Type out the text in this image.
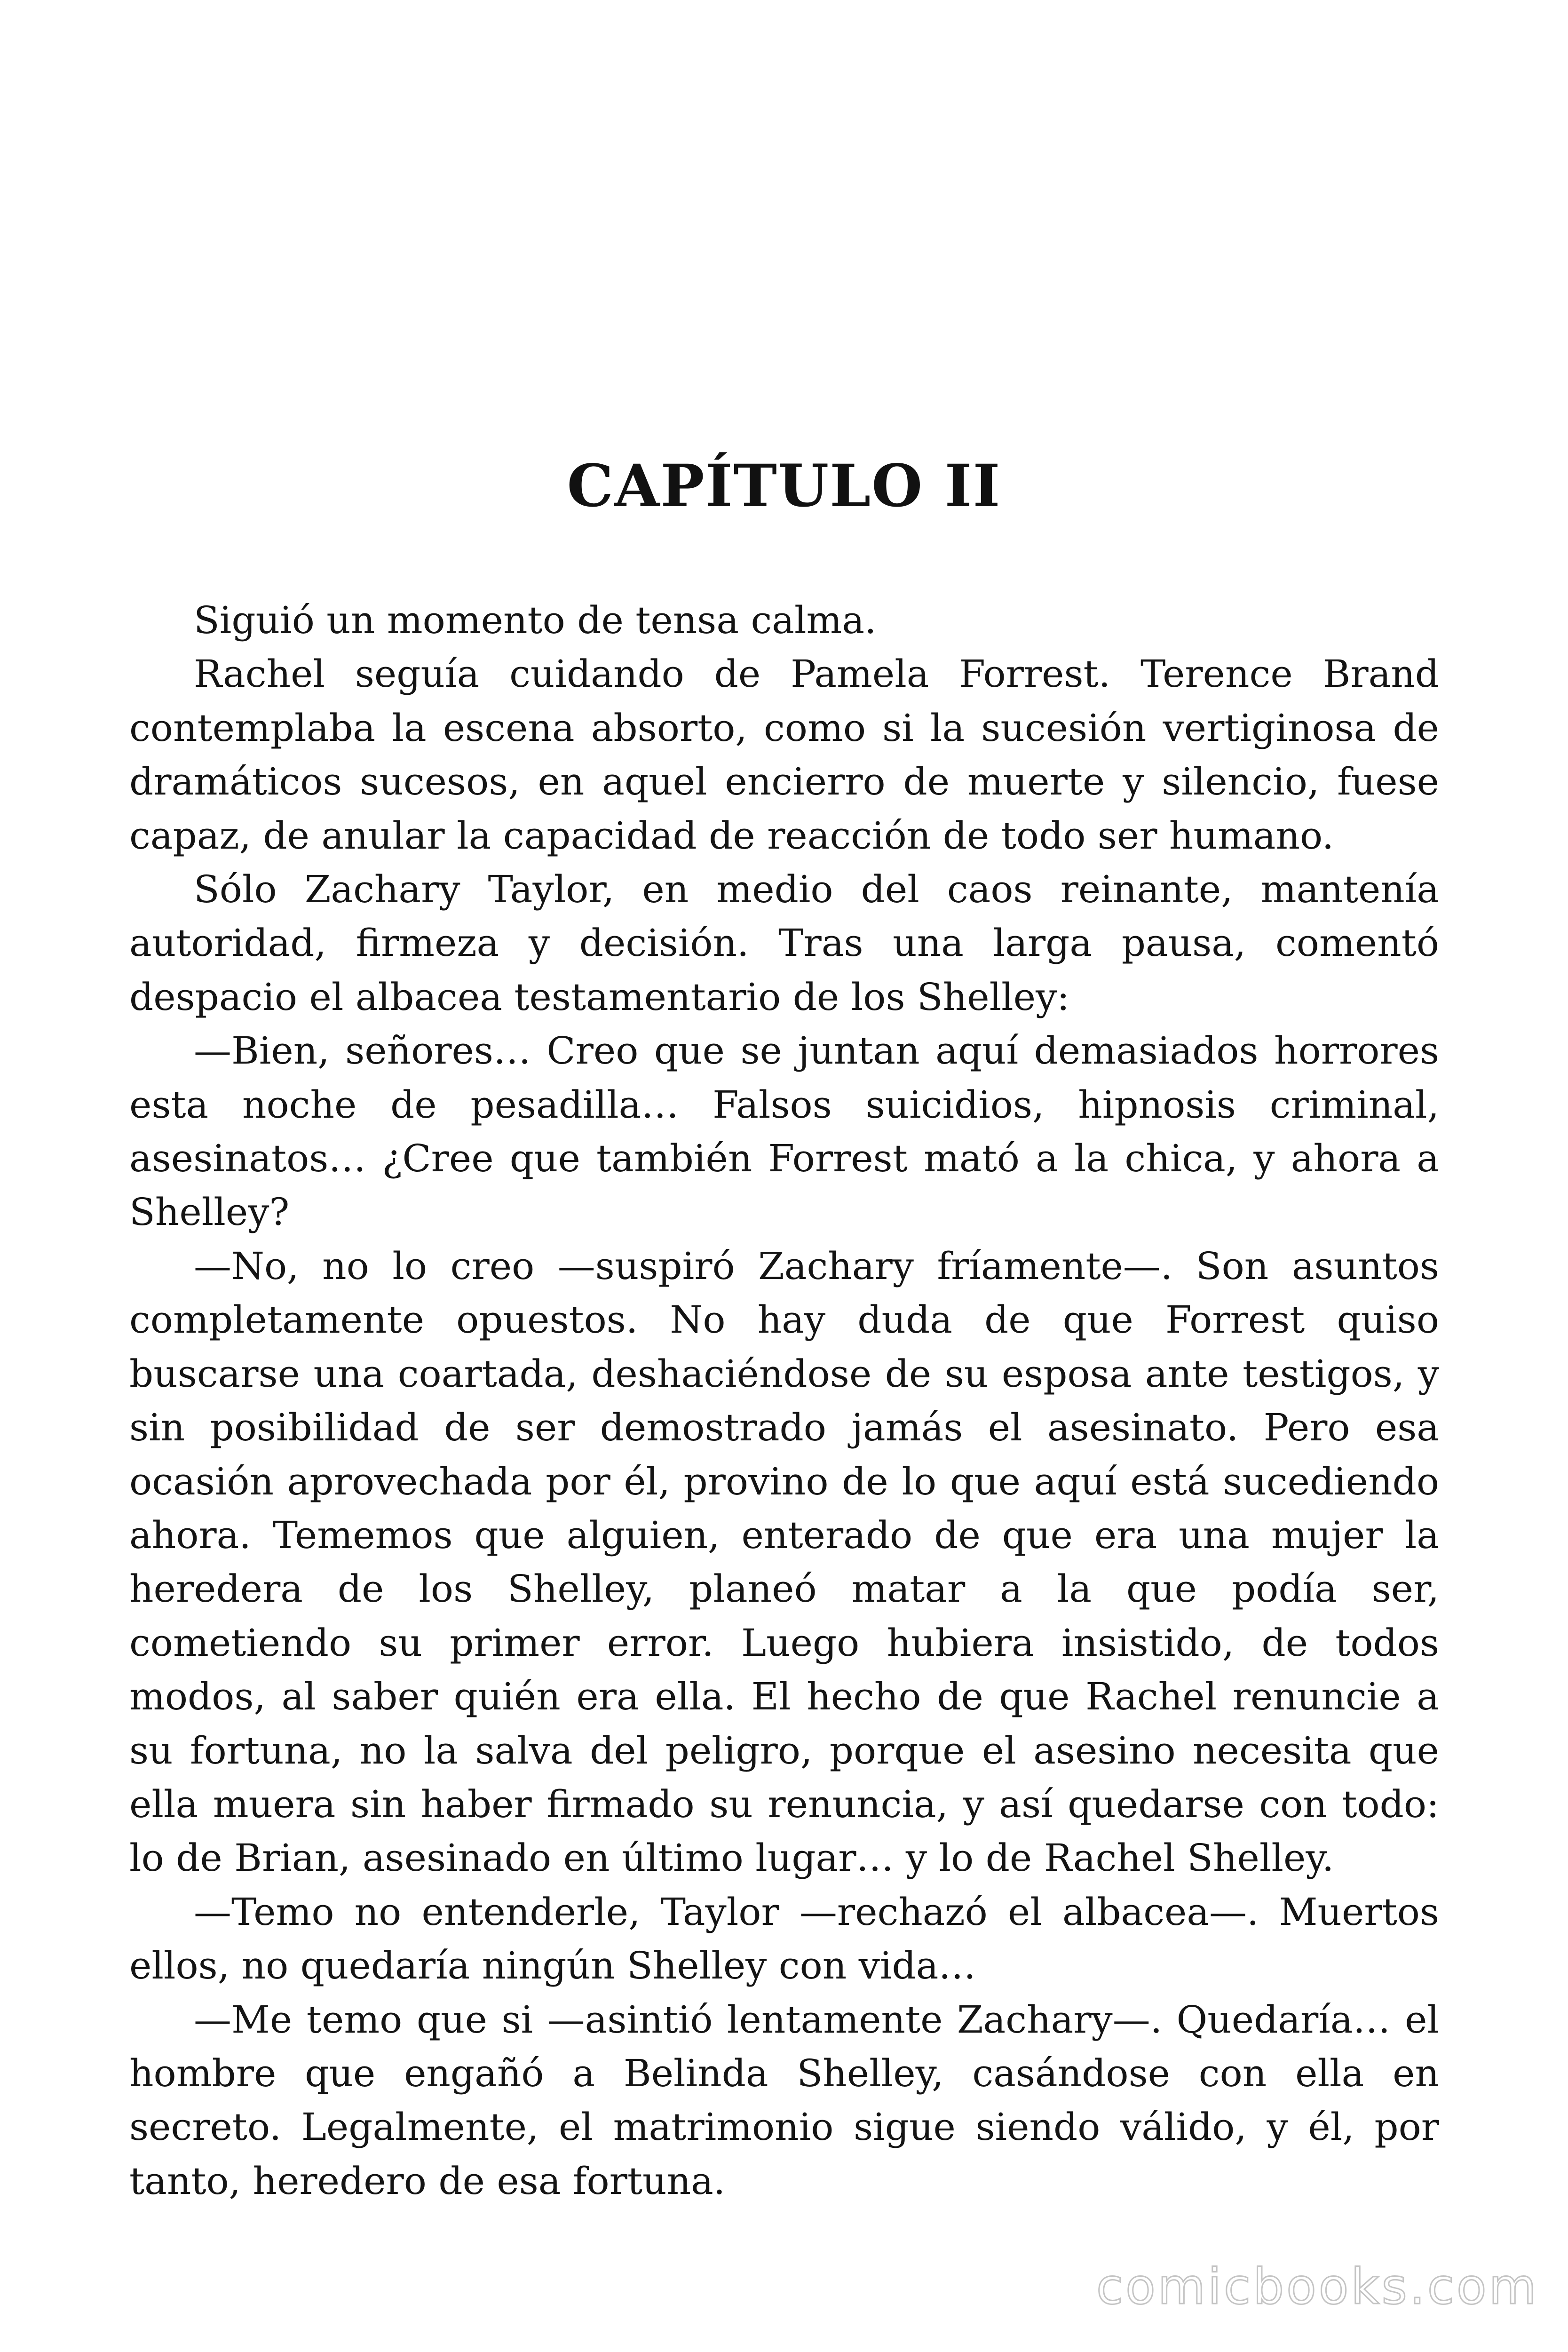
CAPÍTULO II

Siguió un momento de tensa calma.

Rachel seguía cuidando de Pamela Forrest. Terence Brand contemplaba la escena absorto, como si la sucesión vertiginosa de dramáticos sucesos, en aquel encierro de muerte y silencio, fuese capaz, de anular la capacidad de reacción de todo ser humano.

Sólo Zachary Taylor, en medio del caos reinante, mantenía autoridad, firmeza y decisión. Tras una larga pausa, comentó despacio el albacea testamentario de los Shelley:

—Bien, señores… Creo que se juntan aquí demasiados horrores esta noche de pesadilla… Falsos suicidios, hipnosis criminal, asesinatos… ¿Cree que también Forrest mató a la chica, y ahora a Shelley?

—No, no lo creo —suspiró Zachary fríamente—. Son asuntos completamente opuestos. No hay duda de que Forrest quiso buscarse una coartada, deshaciéndose de su esposa ante testigos, y sin posibilidad de ser demostrado jamás el asesinato. Pero esa ocasión aprovechada por él, provino de lo que aquí está sucediendo ahora. Tememos que alguien, enterado de que era una mujer la heredera de los Shelley, planeó matar a la que podía ser, cometiendo su primer error. Luego hubiera insistido, de todos modos, al saber quién era ella. El hecho de que Rachel renuncie a su fortuna, no la salva del peligro, porque el asesino necesita que ella muera sin haber firmado su renuncia, y así quedarse con todo: lo de Brian, asesinado en último lugar… y lo de Rachel Shelley.

—Temo no entenderle, Taylor —rechazó el albacea—. Muertos ellos, no quedaría ningún Shelley con vida…

—Me temo que si —asintió lentamente Zachary—. Quedaría… el hombre que engañó a Belinda Shelley, casándose con ella en secreto. Legalmente, el matrimonio sigue siendo válido, y él, por tanto, heredero de esa fortuna.

comicbooks.com
